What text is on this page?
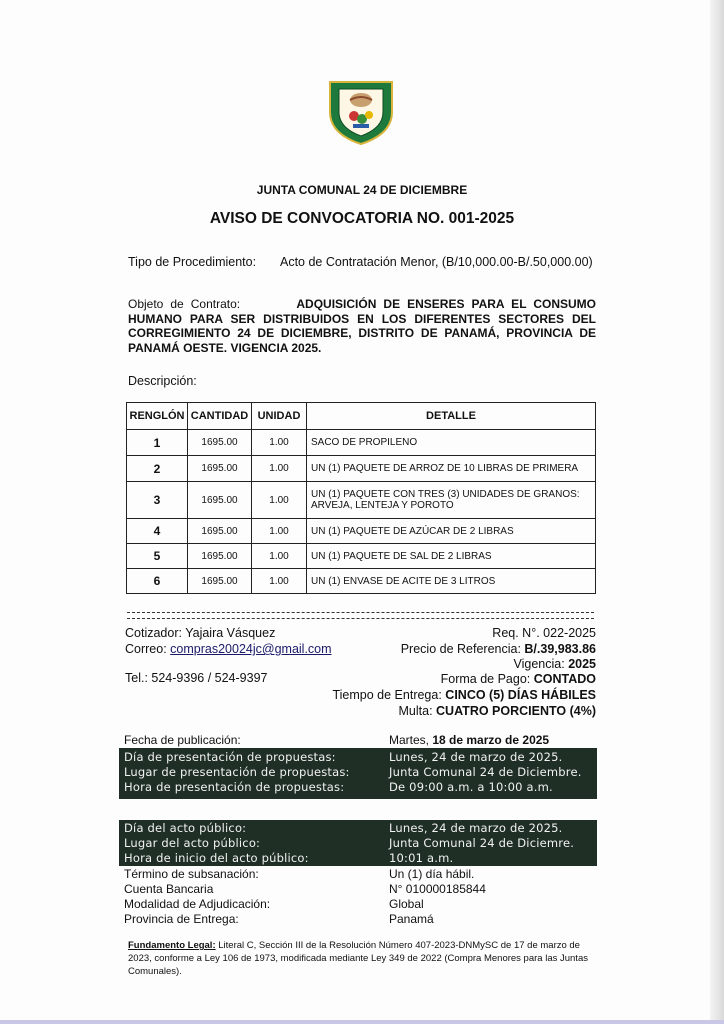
JUNTA COMUNAL 24 DE DICIEMBRE
AVISO DE CONVOCATORIA NO. 001-2025
Tipo de Procedimiento: Acto de Contratación Menor, (B/10,000.00-B/.50,000.00)
Objeto de Contrato:	ADQUISICIÓN DE ENSERES PARA EL CONSUMO HUMANO PARA SER DISTRIBUIDOS EN LOS DIFERENTES SECTORES DEL CORREGIMIENTO 24 DE DICIEMBRE, DISTRITO DE PANAMÁ, PROVINCIA DE PANAMÁ OESTE. VIGENCIA 2025.
Descripción:
RENGLÓN	CANTIDAD	UNIDAD	DETALLE
1	1695.00	1.00	SACO DE PROPILENO
2	1695.00	1.00	UN (1) PAQUETE DE ARROZ DE 10 LIBRAS DE PRIMERA
3	1695.00	1.00	UN (1) PAQUETE CON TRES (3) UNIDADES DE GRANOS: ARVEJA, LENTEJA Y POROTO
4	1695.00	1.00	UN (1) PAQUETE DE AZÚCAR DE 2 LIBRAS
5	1695.00	1.00	UN (1) PAQUETE DE SAL DE 2 LIBRAS
6	1695.00	1.00	UN (1) ENVASE DE ACITE DE 3 LITROS
Cotizador: Yajaira Vásquez
Correo: compras20024jc@gmail.com
Tel.: 524-9396 / 524-9397
Req. N°. 022-2025
Precio de Referencia: B/.39,983.86
Vigencia: 2025
Forma de Pago: CONTADO
Tiempo de Entrega: CINCO (5) DÍAS HÁBILES
Multa: CUATRO PORCIENTO (4%)
Fecha de publicación:	Martes, 18 de marzo de 2025
Día de presentación de propuestas:	Lunes, 24 de marzo de 2025.
Lugar de presentación de propuestas:	Junta Comunal 24 de Diciembre.
Hora de presentación de propuestas:	De 09:00 a.m. a 10:00 a.m.
Día del acto público:	Lunes, 24 de marzo de 2025.
Lugar del acto público:	Junta Comunal 24 de Diciemre.
Hora de inicio del acto público:	10:01 a.m.
Término de subsanación:	Un (1) día hábil.
Cuenta Bancaria	N° 010000185844
Modalidad de Adjudicación:	Global
Provincia de Entrega:	Panamá
Fundamento Legal: Literal C, Sección III de la Resolución Número 407-2023-DNMySC de 17 de marzo de 2023, conforme a Ley 106 de 1973, modificada mediante Ley 349 de 2022 (Compra Menores para las Juntas Comunales).
